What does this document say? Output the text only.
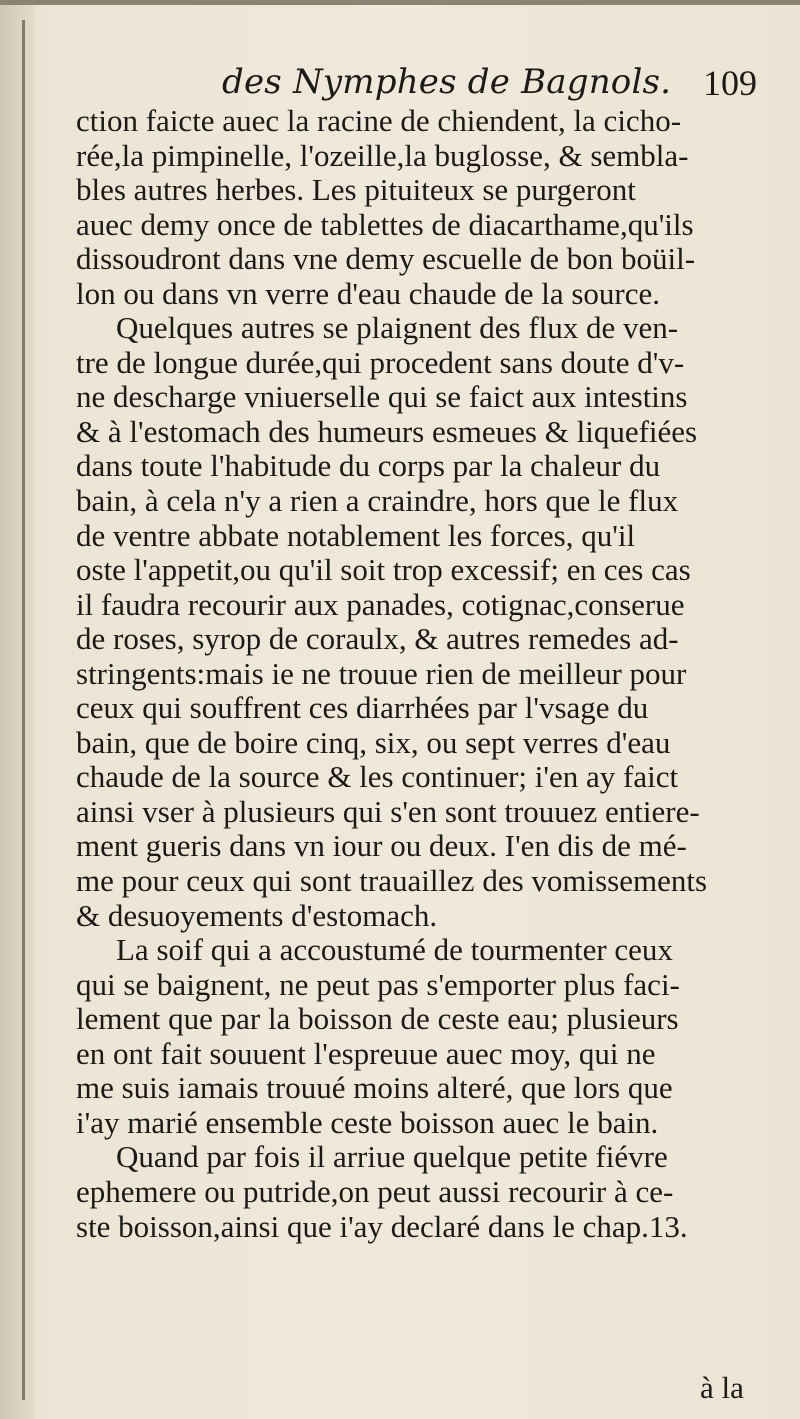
des Nymphes de Bagnols. 109
ction faicte auec la racine de chiendent, la cicho-
rée,la pimpinelle, l'ozeille,la buglosse, & sembla-
bles autres herbes. Les pituiteux se purgeront
auec demy once de tablettes de diacarthame,qu'ils
dissoudront dans vne demy escuelle de bon boüil-
lon ou dans vn verre d'eau chaude de la source.
Quelques autres se plaignent des flux de ven-
tre de longue durée,qui procedent sans doute d'v-
ne descharge vniuerselle qui se faict aux intestins
& à l'estomach des humeurs esmeues & liquefiées
dans toute l'habitude du corps par la chaleur du
bain, à cela n'y a rien a craindre, hors que le flux
de ventre abbate notablement les forces, qu'il
oste l'appetit,ou qu'il soit trop excessif; en ces cas
il faudra recourir aux panades, cotignac,conserue
de roses, syrop de coraulx, & autres remedes ad-
stringents:mais ie ne trouue rien de meilleur pour
ceux qui souffrent ces diarrhées par l'vsage du
bain, que de boire cinq, six, ou sept verres d'eau
chaude de la source & les continuer; i'en ay faict
ainsi vser à plusieurs qui s'en sont trouuez entiere-
ment gueris dans vn iour ou deux. I'en dis de mé-
me pour ceux qui sont trauaillez des vomissements
& desuoyements d'estomach.
La soif qui a accoustumé de tourmenter ceux
qui se baignent, ne peut pas s'emporter plus faci-
lement que par la boisson de ceste eau; plusieurs
en ont fait souuent l'espreuue auec moy, qui ne
me suis iamais trouué moins alteré, que lors que
i'ay marié ensemble ceste boisson auec le bain.
Quand par fois il arriue quelque petite fiévre
ephemere ou putride,on peut aussi recourir à ce-
ste boisson,ainsi que i'ay declaré dans le chap.13.
à la
